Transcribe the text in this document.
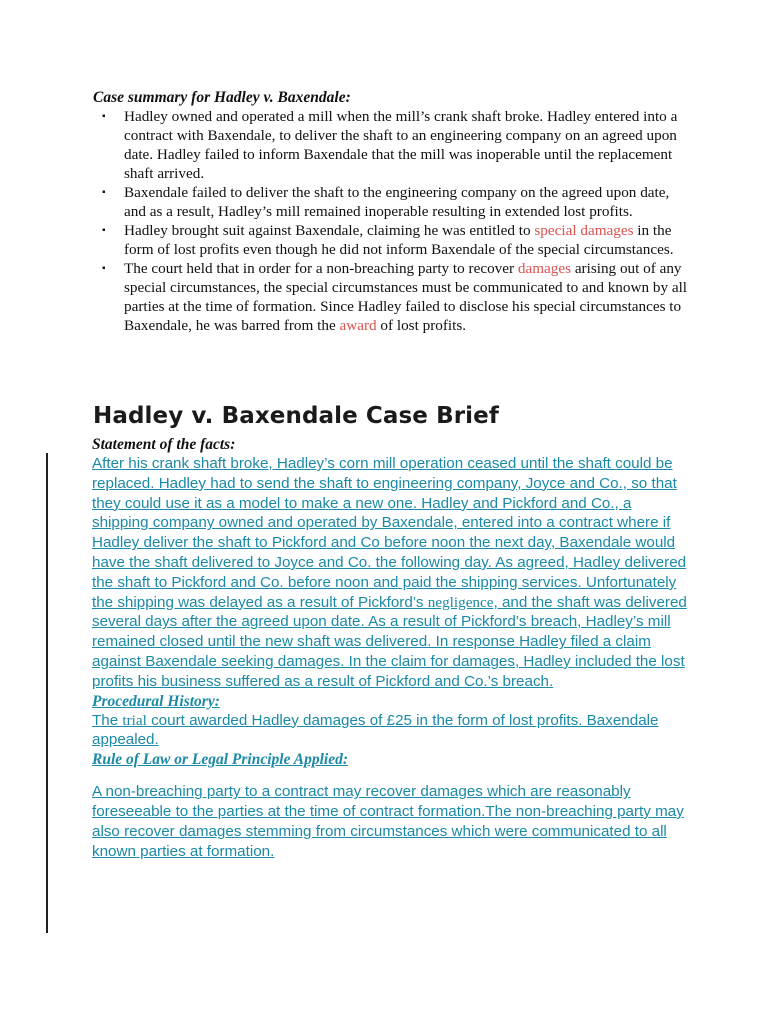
Case summary for Hadley v. Baxendale:
▪ Hadley owned and operated a mill when the mill’s crank shaft broke. Hadley entered into a contract with Baxendale, to deliver the shaft to an engineering company on an agreed upon date. Hadley failed to inform Baxendale that the mill was inoperable until the replacement shaft arrived.
▪ Baxendale failed to deliver the shaft to the engineering company on the agreed upon date, and as a result, Hadley’s mill remained inoperable resulting in extended lost profits.
▪ Hadley brought suit against Baxendale, claiming he was entitled to special damages in the form of lost profits even though he did not inform Baxendale of the special circumstances.
▪ The court held that in order for a non-breaching party to recover damages arising out of any special circumstances, the special circumstances must be communicated to and known by all parties at the time of formation. Since Hadley failed to disclose his special circumstances to Baxendale, he was barred from the award of lost profits.
Hadley v. Baxendale Case Brief
Statement of the facts:
After his crank shaft broke, Hadley’s corn mill operation ceased until the shaft could be replaced. Hadley had to send the shaft to engineering company, Joyce and Co., so that they could use it as a model to make a new one. Hadley and Pickford and Co., a shipping company owned and operated by Baxendale, entered into a contract where if Hadley deliver the shaft to Pickford and Co before noon the next day, Baxendale would have the shaft delivered to Joyce and Co. the following day. As agreed, Hadley delivered the shaft to Pickford and Co. before noon and paid the shipping services. Unfortunately the shipping was delayed as a result of Pickford’s negligence, and the shaft was delivered several days after the agreed upon date. As a result of Pickford’s breach, Hadley’s mill remained closed until the new shaft was delivered. In response Hadley filed a claim against Baxendale seeking damages. In the claim for damages, Hadley included the lost profits his business suffered as a result of Pickford and Co.’s breach.
Procedural History:
The trial court awarded Hadley damages of £25 in the form of lost profits. Baxendale appealed.
Rule of Law or Legal Principle Applied:
A non-breaching party to a contract may recover damages which are reasonably foreseeable to the parties at the time of contract formation.The non-breaching party may also recover damages stemming from circumstances which were communicated to all known parties at formation.
